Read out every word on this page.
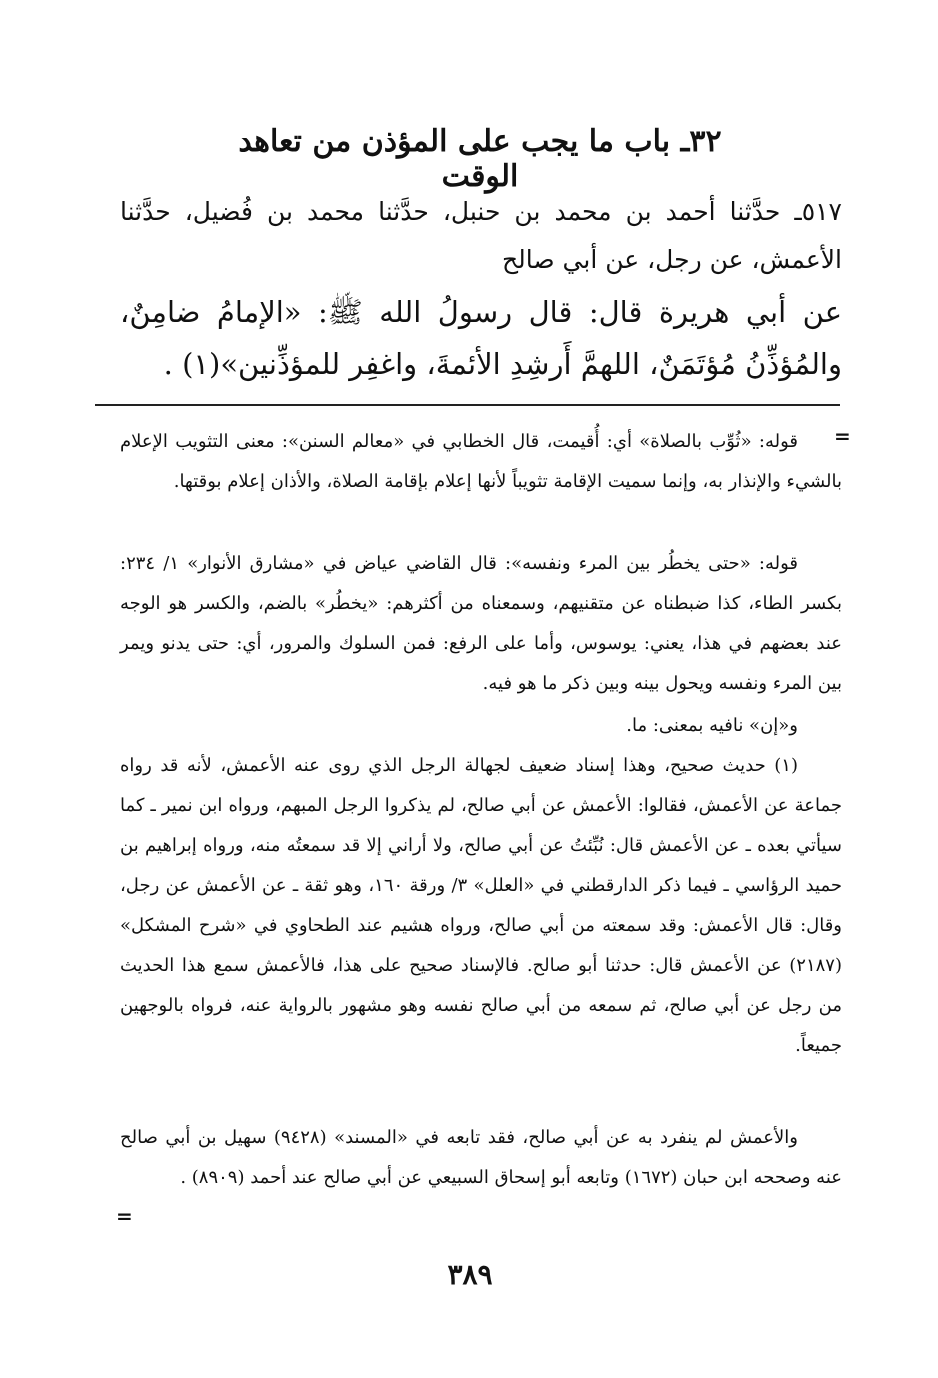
٣٢ـ باب ما يجب على المؤذن من تعاهد الوقت
٥١٧ـ حدَّثنا أحمد بن محمد بن حنبل، حدَّثنا محمد بن فُضيل، حدَّثنا الأعمش، عن رجل، عن أبي صالح
عن أبي هريرة قال: قال رسولُ الله ﷺ: «الإمامُ ضامِنٌ، والمُؤذِّنُ مُؤتَمَنٌ، اللهمَّ أَرشِدِ الأئمةَ، واغفِر للمؤذِّنين»(١) .
=

قوله: «ثُوِّب بالصلاة» أي: أُقيمت، قال الخطابي في «معالم السنن»: معنى التثويب الإعلام بالشيء والإنذار به، وإنما سميت الإقامة تثويباً لأنها إعلام بإقامة الصلاة، والأذان إعلام بوقتها.

قوله: «حتى يخطُر بين المرء ونفسه»: قال القاضي عياض في «مشارق الأنوار» ١/ ٢٣٤: بكسر الطاء، كذا ضبطناه عن متقنيهم، وسمعناه من أكثرهم: «يخطُر» بالضم، والكسر هو الوجه عند بعضهم في هذا، يعني: يوسوس، وأما على الرفع: فمن السلوك والمرور، أي: حتى يدنو ويمر بين المرء ونفسه ويحول بينه وبين ذكر ما هو فيه.

و«إن» نافيه بمعنى: ما.

(١) حديث صحيح، وهذا إسناد ضعيف لجهالة الرجل الذي روى عنه الأعمش، لأنه قد رواه جماعة عن الأعمش، فقالوا: الأعمش عن أبي صالح، لم يذكروا الرجل المبهم، ورواه ابن نمير ـ كما سيأتي بعده ـ عن الأعمش قال: نُبِّئتُ عن أبي صالح، ولا أراني إلا قد سمعتُه منه، ورواه إبراهيم بن حميد الرؤاسي ـ فيما ذكر الدارقطني في «العلل» ٣/ ورقة ١٦٠، وهو ثقة ـ عن الأعمش عن رجل، وقال: قال الأعمش: وقد سمعته من أبي صالح، ورواه هشيم عند الطحاوي في «شرح المشكل» (٢١٨٧) عن الأعمش قال: حدثنا أبو صالح. فالإسناد صحيح على هذا، فالأعمش سمع هذا الحديث من رجل عن أبي صالح، ثم سمعه من أبي صالح نفسه وهو مشهور بالرواية عنه، فرواه بالوجهين جميعاً.

والأعمش لم ينفرد به عن أبي صالح، فقد تابعه في «المسند» (٩٤٢٨) سهيل بن أبي صالح عنه وصححه ابن حبان (١٦٧٢) وتابعه أبو إسحاق السبيعي عن أبي صالح عند أحمد (٨٩٠٩) .

=
٣٨٩
